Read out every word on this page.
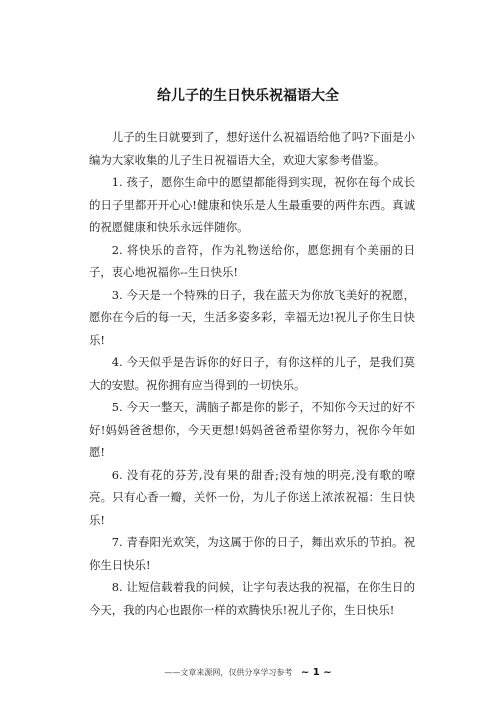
给儿子的生日快乐祝福语大全

儿子的生日就要到了，想好送什么祝福语给他了吗?下面是小编为大家收集的儿子生日祝福语大全，欢迎大家参考借鉴。

1. 孩子，愿你生命中的愿望都能得到实现，祝你在每个成长的日子里都开开心心!健康和快乐是人生最重要的两件东西。真诚的祝愿健康和快乐永远伴随你。

2. 将快乐的音符，作为礼物送给你，愿您拥有个美丽的日子，衷心地祝福你--生日快乐!

3. 今天是一个特殊的日子，我在蓝天为你放飞美好的祝愿，愿你在今后的每一天，生活多姿多彩，幸福无边!祝儿子你生日快乐!

4. 今天似乎是告诉你的好日子，有你这样的儿子，是我们莫大的安慰。祝你拥有应当得到的一切快乐。

5. 今天一整天，满脑子都是你的影子，不知你今天过的好不好!妈妈爸爸想你，今天更想!妈妈爸爸希望你努力，祝你今年如愿!

6. 没有花的芬芳,没有果的甜香;没有烛的明亮,没有歌的嘹亮。只有心香一瓣，关怀一份，为儿子你送上浓浓祝福：生日快乐!

7. 青春阳光欢笑，为这属于你的日子，舞出欢乐的节拍。祝你生日快乐!

8. 让短信载着我的问候，让字句表达我的祝福，在你生日的今天，我的内心也跟你一样的欢腾快乐!祝儿子你，生日快乐!

——文章来源网，仅供分享学习参考 ~ 1 ~
